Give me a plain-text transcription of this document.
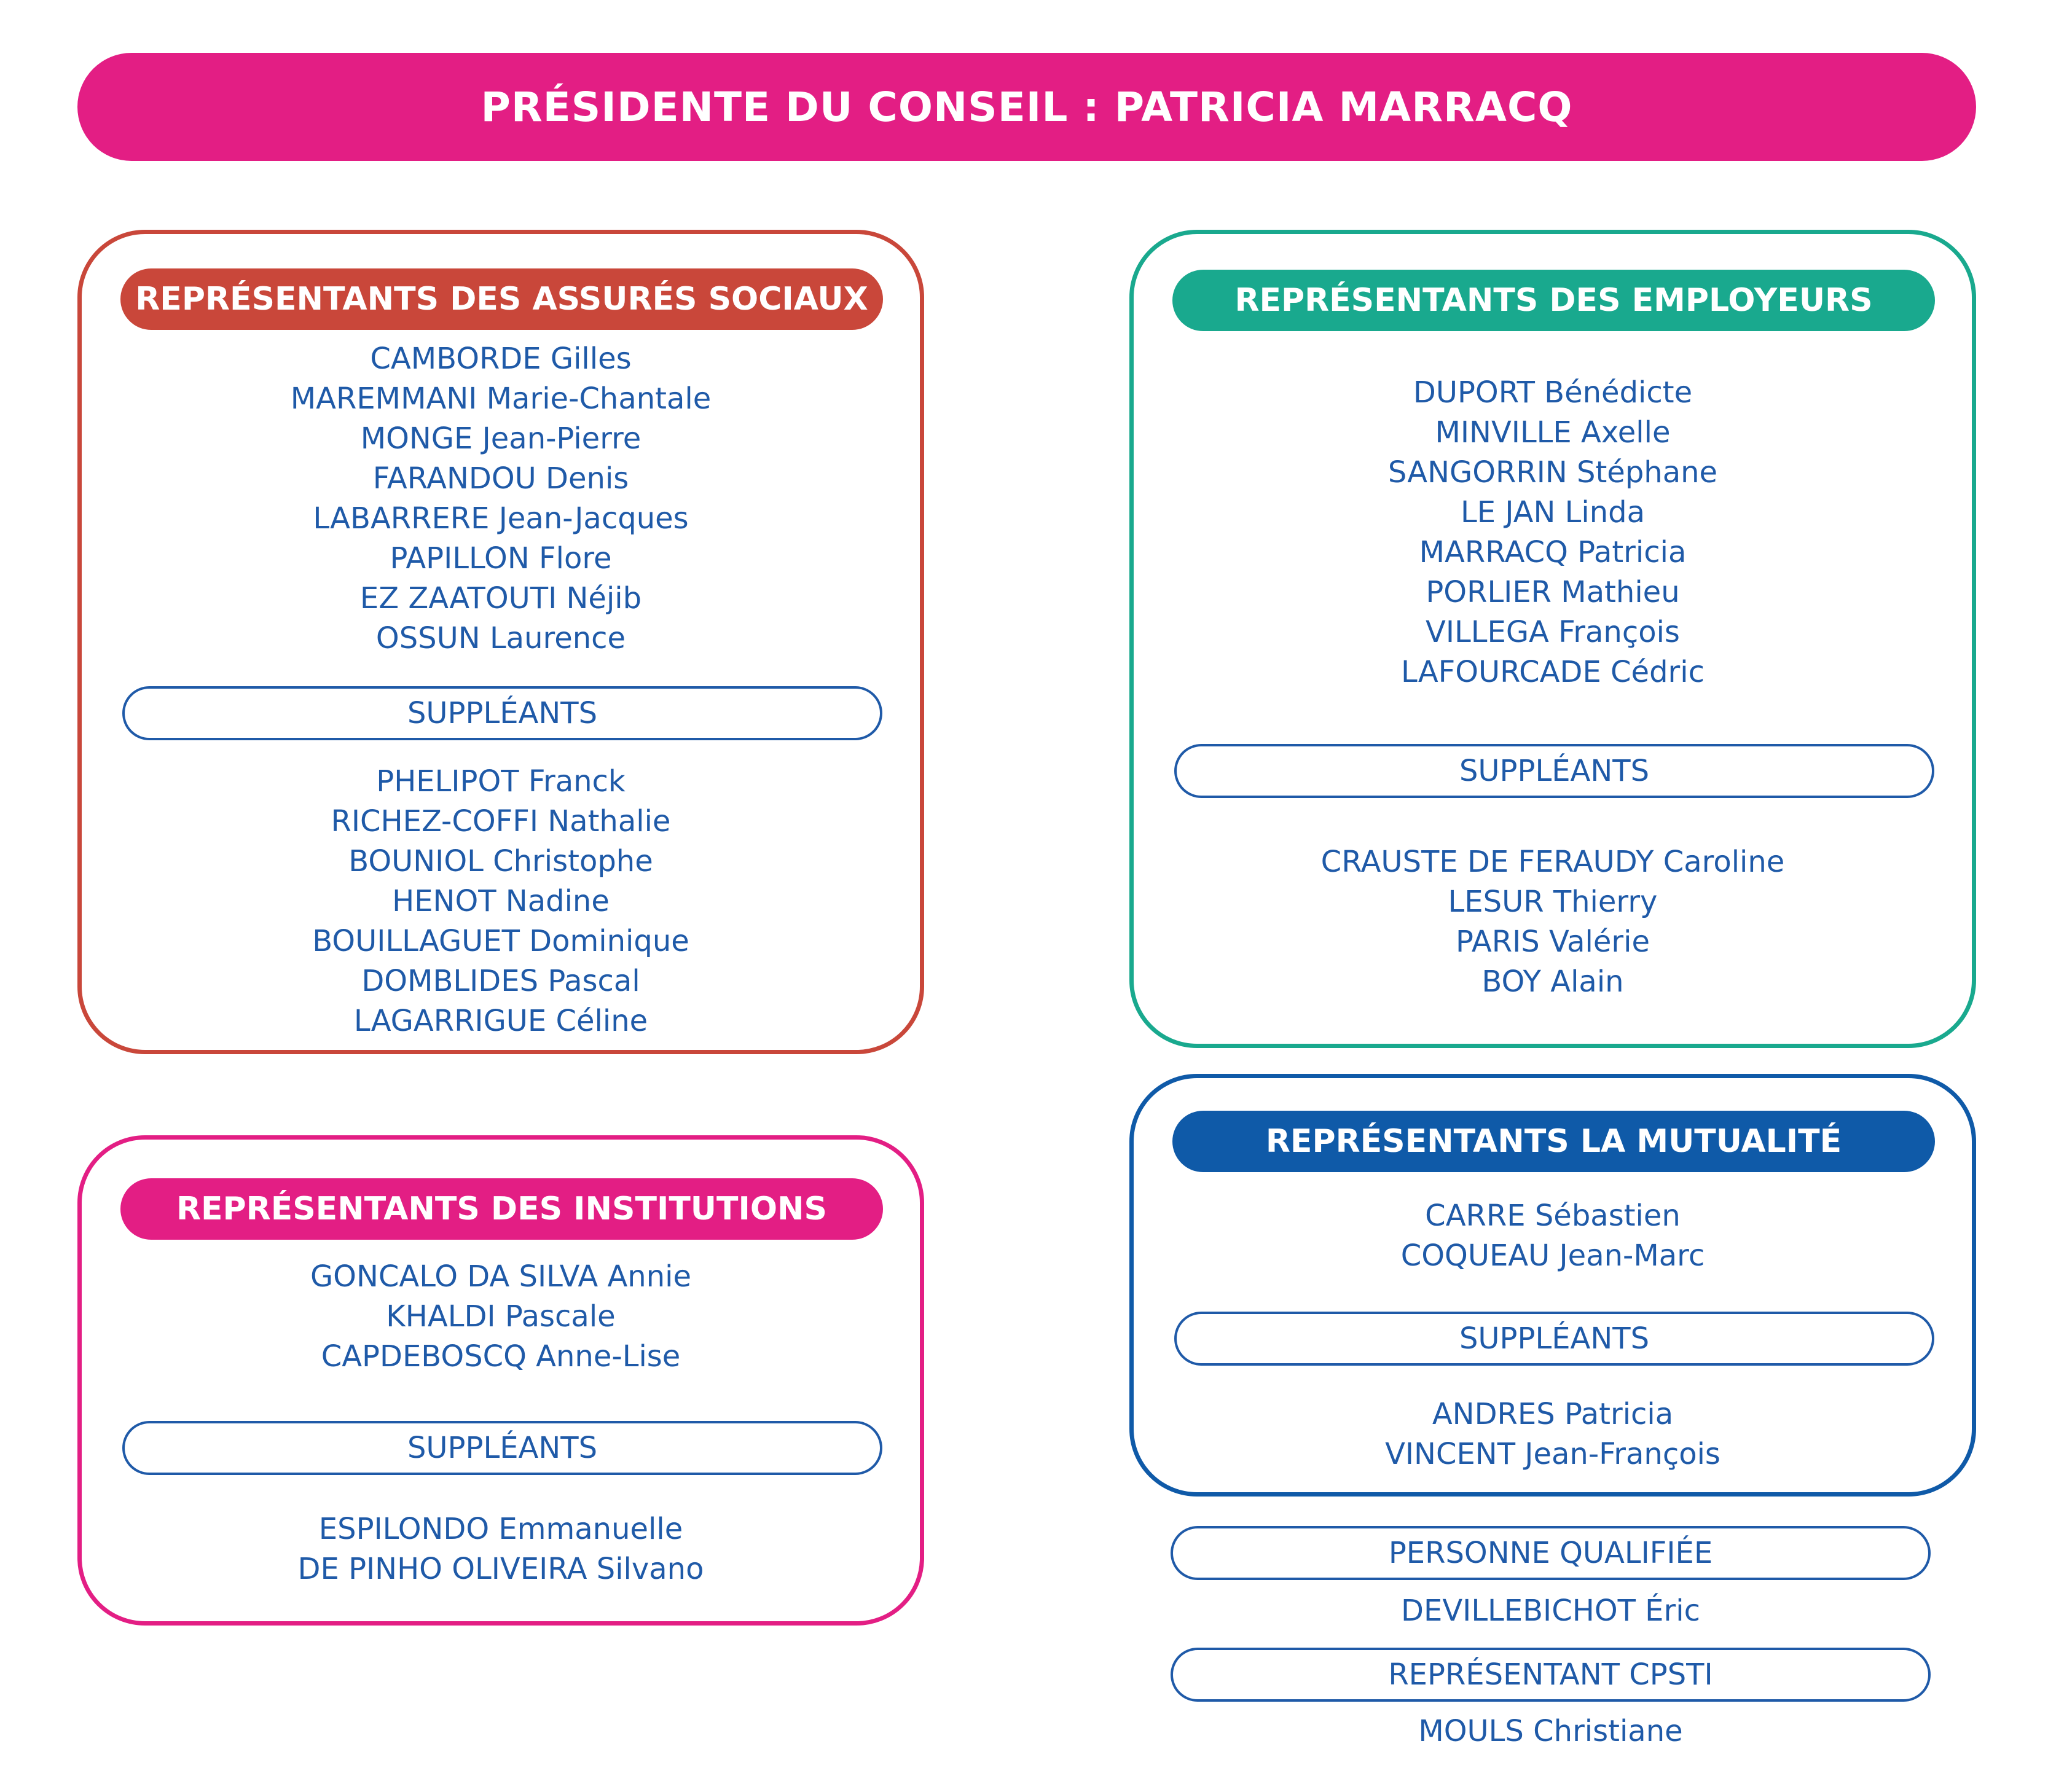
PRÉSIDENTE DU CONSEIL : PATRICIA MARRACQ
REPRÉSENTANTS DES ASSURÉS SOCIAUX
CAMBORDE Gilles
MAREMMANI Marie-Chantale
MONGE Jean-Pierre
FARANDOU Denis
LABARRERE Jean-Jacques
PAPILLON Flore
EZ ZAATOUTI Néjib
OSSUN Laurence
SUPPLÉANTS
PHELIPOT Franck
RICHEZ-COFFI Nathalie
BOUNIOL Christophe
HENOT Nadine
BOUILLAGUET Dominique
DOMBLIDES Pascal
LAGARRIGUE Céline
REPRÉSENTANTS DES EMPLOYEURS
DUPORT Bénédicte
MINVILLE Axelle
SANGORRIN Stéphane
LE JAN Linda
MARRACQ Patricia
PORLIER Mathieu
VILLEGA François
LAFOURCADE Cédric
SUPPLÉANTS
CRAUSTE DE FERAUDY Caroline
LESUR Thierry
PARIS Valérie
BOY Alain
REPRÉSENTANTS DES INSTITUTIONS
GONCALO DA SILVA Annie
KHALDI Pascale
CAPDEBOSCQ Anne-Lise
SUPPLÉANTS
ESPILONDO Emmanuelle
DE PINHO OLIVEIRA Silvano
REPRÉSENTANTS LA MUTUALITÉ
CARRE Sébastien
COQUEAU Jean-Marc
SUPPLÉANTS
ANDRES Patricia
VINCENT Jean-François
PERSONNE QUALIFIÉE
DEVILLEBICHOT Éric
REPRÉSENTANT CPSTI
MOULS Christiane
